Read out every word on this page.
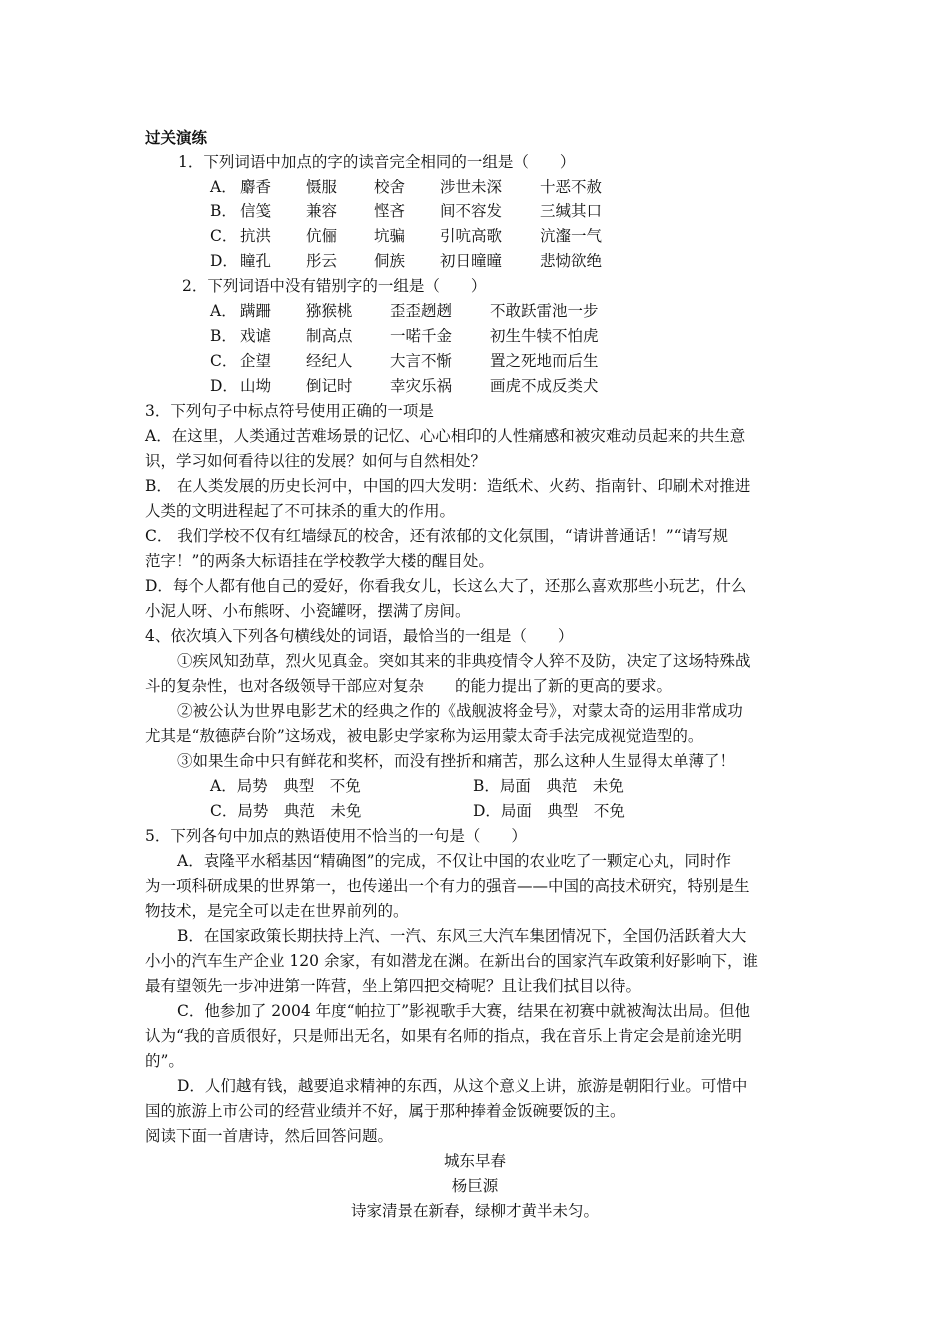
过关演练
1．下列词语中加点的字的读音完全相同的一组是（　　）
A． 麝香 慑服 校舍 涉世未深 十恶不赦
B． 信笺 兼容 悭吝 间不容发 三缄其口
C． 抗洪 伉俪 坑骗 引吭高歌 沆瀣一气
D． 瞳孔 彤云 侗族 初日曈曈 悲恸欲绝
2．下列词语中没有错别字的一组是（　　）
A． 蹒跚 猕猴桃 歪歪趔趔 不敢跃雷池一步
B． 戏谑 制高点 一喏千金 初生牛犊不怕虎
C． 企望 经纪人 大言不惭 置之死地而后生
D． 山坳 倒记时 幸灾乐祸 画虎不成反类犬
3．下列句子中标点符号使用正确的一项是
A．在这里，人类通过苦难场景的记忆、心心相印的人性痛感和被灾难动员起来的共生意
识，学习如何看待以往的发展？如何与自然相处？
B． 在人类发展的历史长河中，中国的四大发明：造纸术、火药、指南针、印刷术对推进
人类的文明进程起了不可抹杀的重大的作用。
C． 我们学校不仅有红墙绿瓦的校舍，还有浓郁的文化氛围，“请讲普通话！”“请写规
范字！”的两条大标语挂在学校教学大楼的醒目处。
D．每个人都有他自己的爱好，你看我女儿，长这么大了，还那么喜欢那些小玩艺，什么
小泥人呀、小布熊呀、小瓷罐呀，摆满了房间。
4、依次填入下列各句横线处的词语，最恰当的一组是（　　）
①疾风知劲草，烈火见真金。突如其来的非典疫情令人猝不及防，决定了这场特殊战
斗的复杂性，也对各级领导干部应对复杂　　的能力提出了新的更高的要求。
②被公认为世界电影艺术的经典之作的《战舰波将金号》，对蒙太奇的运用非常成功
尤其是“敖德萨台阶”这场戏，被电影史学家称为运用蒙太奇手法完成视觉造型的。
③如果生命中只有鲜花和奖杯，而没有挫折和痛苦，那么这种人生显得太单薄了！
A．局势　典型　不免	B．局面　典范　未免
C．局势　典范　未免	D．局面　典型　不免
5．下列各句中加点的熟语使用不恰当的一句是（　　）
A．袁隆平水稻基因“精确图”的完成，不仅让中国的农业吃了一颗定心丸，同时作
为一项科研成果的世界第一，也传递出一个有力的强音——中国的高技术研究，特别是生
物技术，是完全可以走在世界前列的。
B．在国家政策长期扶持上汽、一汽、东风三大汽车集团情况下，全国仍活跃着大大
小小的汽车生产企业 120 余家，有如潜龙在渊。在新出台的国家汽车政策利好影响下，谁
最有望领先一步冲进第一阵营，坐上第四把交椅呢？且让我们拭目以待。
C．他参加了 2004 年度“帕拉丁”影视歌手大赛，结果在初赛中就被淘汰出局。但他
认为“我的音质很好，只是师出无名，如果有名师的指点，我在音乐上肯定会是前途光明
的”。
D．人们越有钱，越要追求精神的东西，从这个意义上讲，旅游是朝阳行业。可惜中
国的旅游上市公司的经营业绩并不好，属于那种捧着金饭碗要饭的主。
阅读下面一首唐诗，然后回答问题。
城东早春
杨巨源
诗家清景在新春，绿柳才黄半未匀。
